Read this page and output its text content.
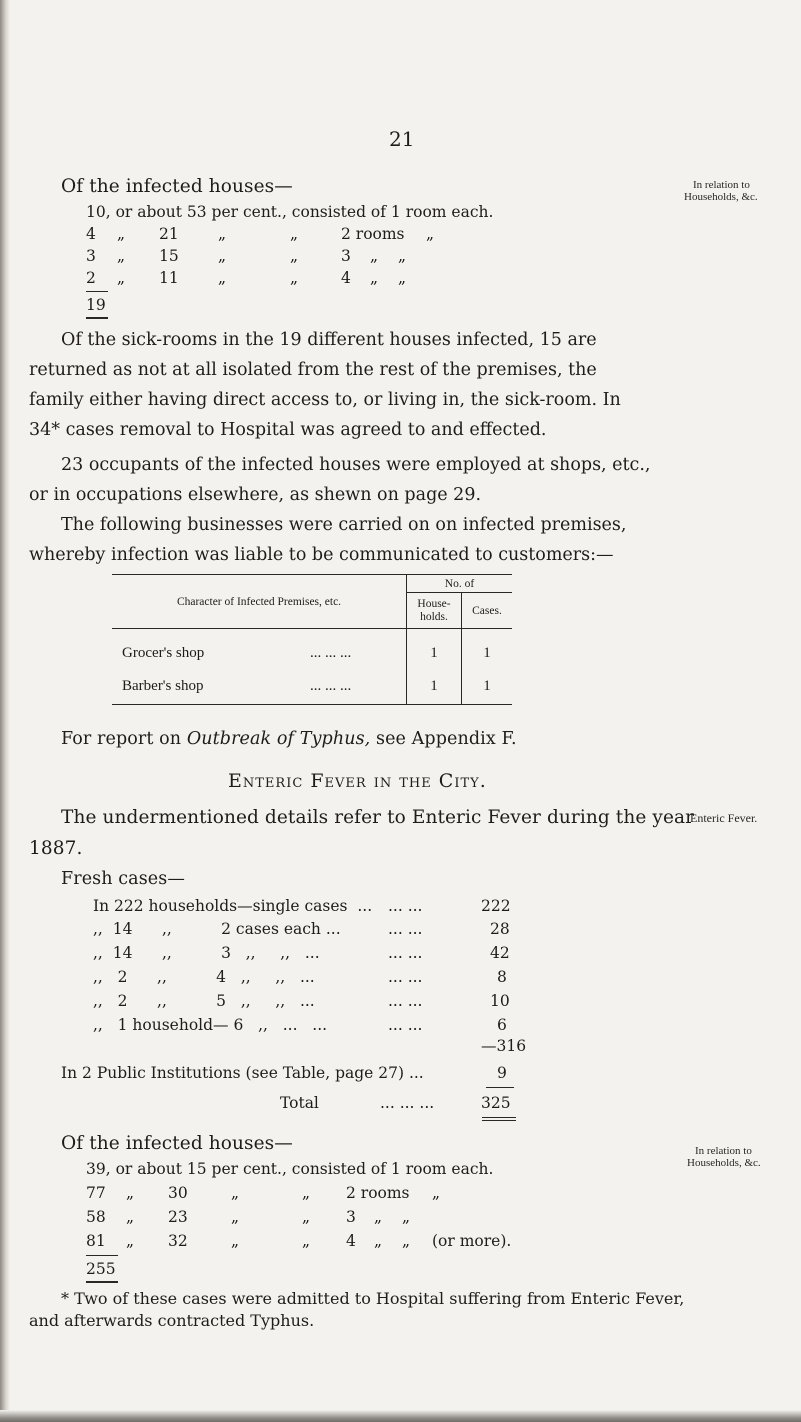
21
Of the infected houses—	In relation to
Households, &c.
10, or about 53 per cent., consisted of 1 room each.
4 „ 21	„	„	2 rooms „
3 „ 15	„	„	3 „ „
2 „ 11	„	„	4 „ „
19
Of the sick-rooms in the 19 different houses infected, 15 are returned as not at all isolated from the rest of the premises, the family either having direct access to, or living in, the sick-room. In 34* cases removal to Hospital was agreed to and effected.
23 occupants of the infected houses were employed at shops, etc., or in occupations elsewhere, as shewn on page 29.
The following businesses were carried on on infected premises, whereby infection was liable to be communicated to customers:—
Character of Infected Premises, etc.	No. of	
	House-holds.	Cases.
Grocer's shop ... ... ...	1	1
Barber's shop ... ... ...	1	1
For report on Outbreak of Typhus, see Appendix F.
Enteric Fever in the City.
The undermentioned details refer to Enteric Fever during the year
Enteric Fever.
1887.
Fresh cases—
In 222 households—single cases  ... ... ...	222
,,  14      ,,          2 cases each ...	... ...	28
,,  14      ,,          3   ,,     ,,   ...	... ...	42
,,   2      ,,          4   ,,     ,,   ...	... ...	8
,,   2      ,,          5   ,,     ,,   ...	... ...	10
,,   1 household— 6   ,,   ...   ...	... ...	6
—316
In 2 Public Institutions (see Table, page 27) ...	9
Total	... ... ...	325
Of the infected houses—	In relation to
Households, &c.
39, or about 15 per cent., consisted of 1 room each.
77 „ 30	„	„ 2 rooms „
58 „ 23	„	„ 3 „ „
81 „ 32	„	„ 4 „ „ (or more).
255
* Two of these cases were admitted to Hospital suffering from Enteric Fever, and afterwards contracted Typhus.
